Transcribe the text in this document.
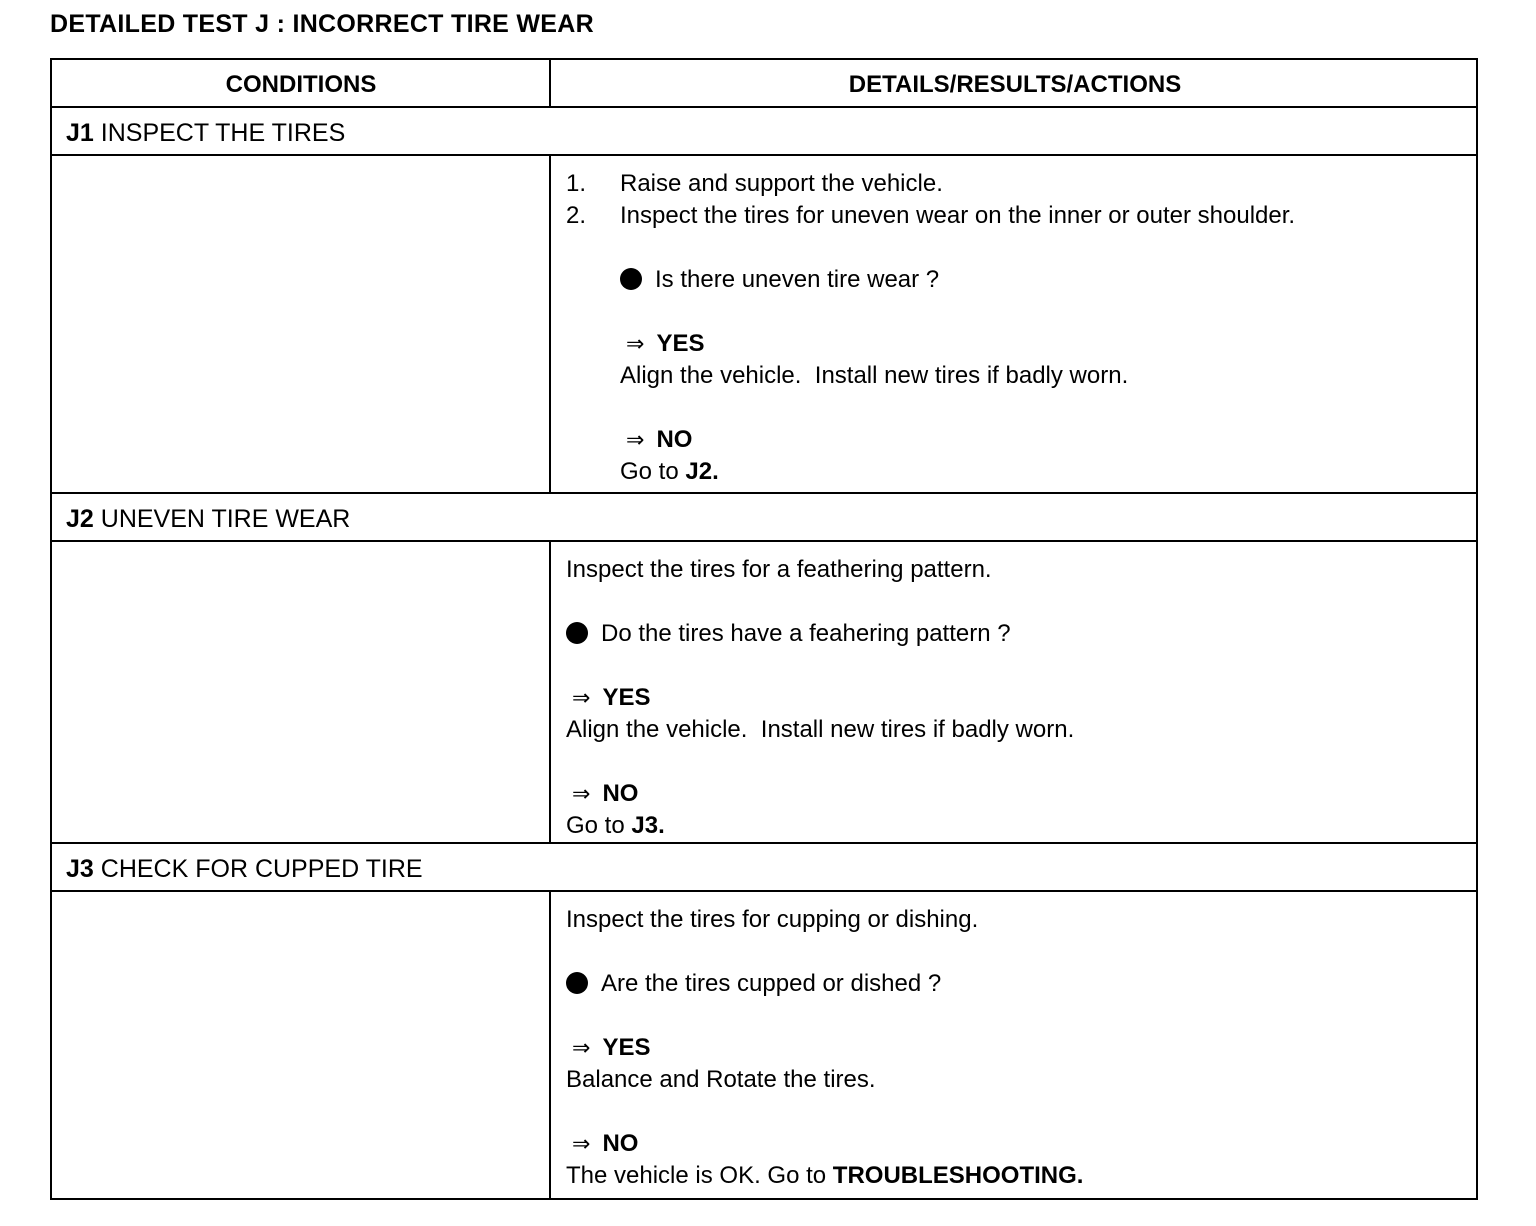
DETAILED TEST J : INCORRECT TIRE WEAR
CONDITIONS	DETAILS/RESULTS/ACTIONS
J1 INSPECT THE TIRES
1. Raise and support the vehicle.
2. Inspect the tires for uneven wear on the inner or outer shoulder.
Is there uneven tire wear ?
⇒ YES
Align the vehicle.  Install new tires if badly worn.
⇒ NO
Go to J2.
J2 UNEVEN TIRE WEAR
Inspect the tires for a feathering pattern.
Do the tires have a feahering pattern ?
⇒ YES
Align the vehicle.  Install new tires if badly worn.
⇒ NO
Go to J3.
J3 CHECK FOR CUPPED TIRE
Inspect the tires for cupping or dishing.
Are the tires cupped or dished ?
⇒ YES
Balance and Rotate the tires.
⇒ NO
The vehicle is OK. Go to TROUBLESHOOTING.
